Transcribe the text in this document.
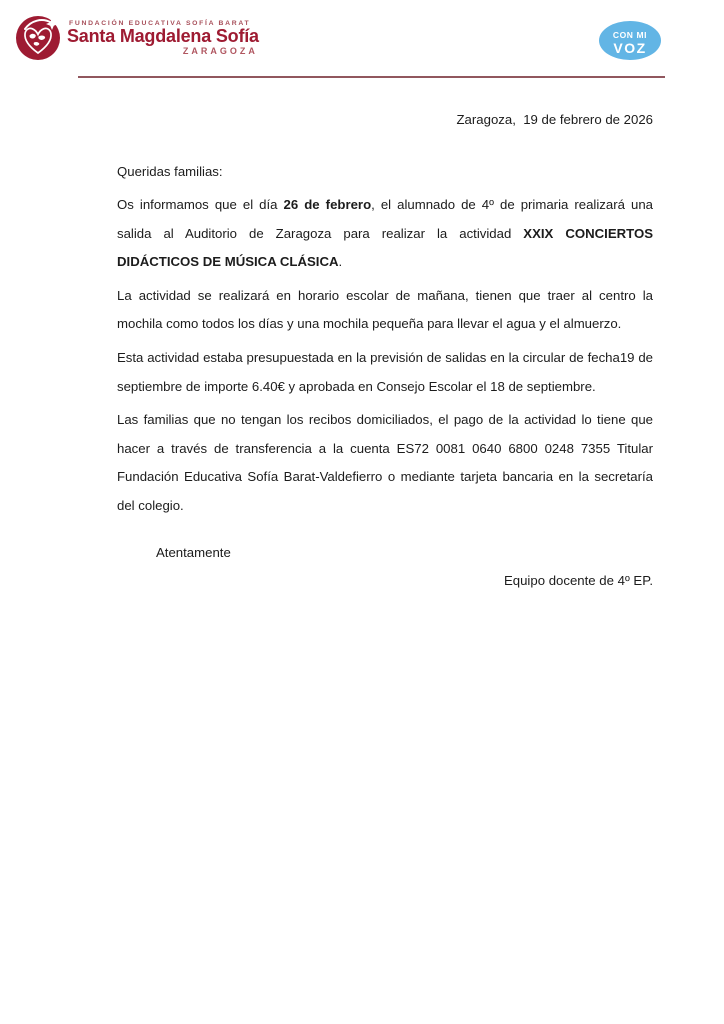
FUNDACIÓN EDUCATIVA SOFÍA BARAT
Santa Magdalena Sofía
ZARAGOZA
CON MI
VOZ
Zaragoza,  19 de febrero de 2026
Queridas familias:

Os informamos que el día 26 de febrero, el alumnado de 4º de primaria realizará una salida al Auditorio de Zaragoza para realizar la actividad XXIX CONCIERTOS DIDÁCTICOS DE MÚSICA CLÁSICA.

La actividad se realizará en horario escolar de mañana, tienen que traer al centro la mochila como todos los días y una mochila pequeña para llevar el agua y el almuerzo.

Esta actividad estaba presupuestada en la previsión de salidas en la circular de fecha19 de septiembre de importe 6.40€ y aprobada en Consejo Escolar el 18 de septiembre.

Las familias que no tengan los recibos domiciliados, el pago de la actividad lo tiene que hacer a través de transferencia a la cuenta ES72 0081 0640 6800 0248 7355 Titular Fundación Educativa Sofía Barat-Valdefierro o mediante tarjeta bancaria en la secretaría del colegio.

Atentamente
Equipo docente de 4º EP.
